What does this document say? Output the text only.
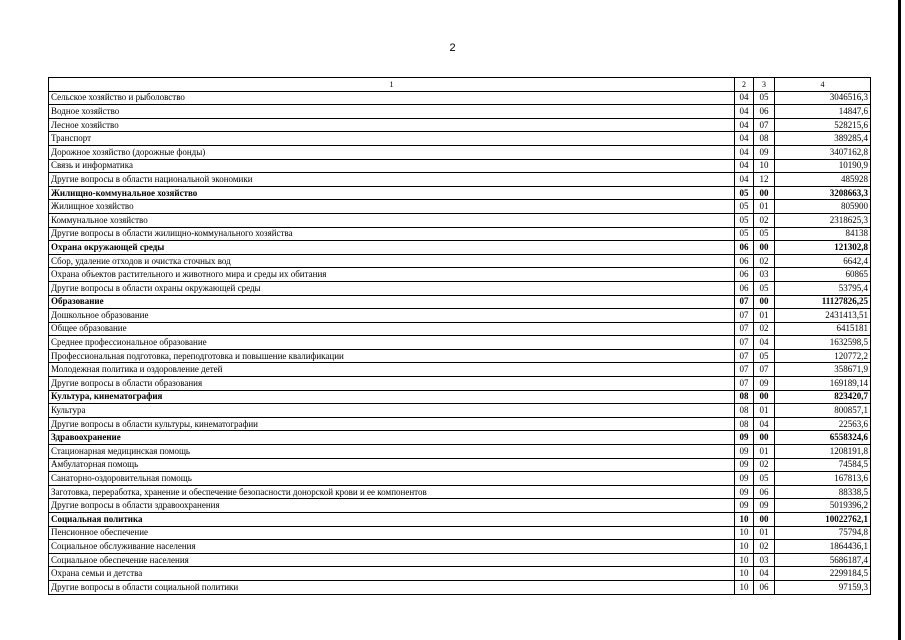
2
1	2	3	4
Сельское хозяйство и рыболовство	04	05	3046516,3
Водное хозяйство	04	06	14847,6
Лесное хозяйство	04	07	528215,6
Транспорт	04	08	389285,4
Дорожное хозяйство (дорожные фонды)	04	09	3407162,8
Связь и информатика	04	10	10190,9
Другие вопросы в области национальной экономики	04	12	485928
Жилищно-коммунальное хозяйство	05	00	3208663,3
Жилищное хозяйство	05	01	805900
Коммунальное хозяйство	05	02	2318625,3
Другие вопросы в области жилищно-коммунального хозяйства	05	05	84138
Охрана окружающей среды	06	00	121302,8
Сбор, удаление отходов и очистка сточных вод	06	02	6642,4
Охрана объектов растительного и животного мира и среды их обитания	06	03	60865
Другие вопросы в области охраны окружающей среды	06	05	53795,4
Образование	07	00	11127826,25
Дошкольное образование	07	01	2431413,51
Общее образование	07	02	6415181
Среднее профессиональное образование	07	04	1632598,5
Профессиональная подготовка, переподготовка и повышение квалификации	07	05	120772,2
Молодежная политика и оздоровление детей	07	07	358671,9
Другие вопросы в области образования	07	09	169189,14
Культура, кинематография	08	00	823420,7
Культура	08	01	800857,1
Другие вопросы в области культуры, кинематографии	08	04	22563,6
Здравоохранение	09	00	6558324,6
Стационарная медицинская помощь	09	01	1208191,8
Амбулаторная помощь	09	02	74584,5
Санаторно-оздоровительная помощь	09	05	167813,6
Заготовка, переработка, хранение и обеспечение безопасности донорской крови и ее компонентов	09	06	88338,5
Другие вопросы в области здравоохранения	09	09	5019396,2
Социальная политика	10	00	10022762,1
Пенсионное обеспечение	10	01	75794,8
Социальное обслуживание населения	10	02	1864436,1
Социальное обеспечение населения	10	03	5686187,4
Охрана семьи и детства	10	04	2299184,5
Другие вопросы в области социальной политики	10	06	97159,3
